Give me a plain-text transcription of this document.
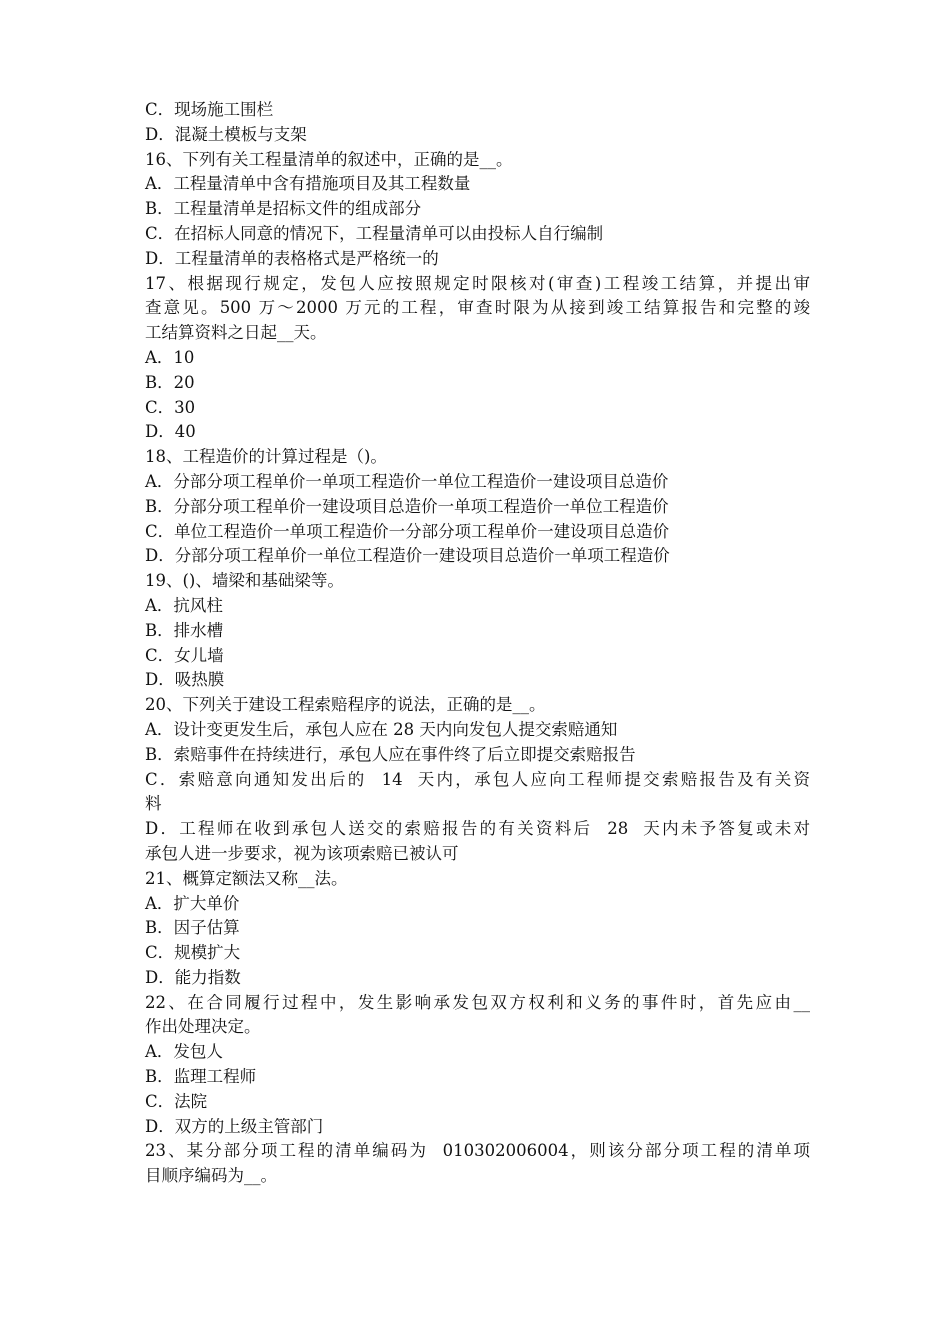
C．现场施工围栏
D．混凝土模板与支架
16、下列有关工程量清单的叙述中，正确的是__。
A．工程量清单中含有措施项目及其工程数量
B．工程量清单是招标文件的组成部分
C．在招标人同意的情况下，工程量清单可以由投标人自行编制
D．工程量清单的表格格式是严格统一的
17、根据现行规定，发包人应按照规定时限核对(审查)工程竣工结算，并提出审
查意见。500 万～2000 万元的工程，审查时限为从接到竣工结算报告和完整的竣
工结算资料之日起__天。
A．10
B．20
C．30
D．40
18、工程造价的计算过程是（)。
A．分部分项工程单价一单项工程造价一单位工程造价一建设项目总造价
B．分部分项工程单价一建设项目总造价一单项工程造价一单位工程造价
C．单位工程造价一单项工程造价一分部分项工程单价一建设项目总造价
D．分部分项工程单价一单位工程造价一建设项目总造价一单项工程造价
19、()、墙梁和基础梁等。
A．抗风柱
B．排水槽
C．女儿墙
D．吸热膜
20、下列关于建设工程索赔程序的说法，正确的是__。
A．设计变更发生后，承包人应在 28 天内向发包人提交索赔通知
B．索赔事件在持续进行，承包人应在事件终了后立即提交索赔报告
C．索赔意向通知发出后的  14  天内，承包人应向工程师提交索赔报告及有关资
料
D．工程师在收到承包人送交的索赔报告的有关资料后  28  天内未予答复或未对
承包人进一步要求，视为该项索赔已被认可
21、概算定额法又称__法。
A．扩大单价
B．因子估算
C．规模扩大
D．能力指数
22、在合同履行过程中，发生影响承发包双方权利和义务的事件时，首先应由__
作出处理决定。
A．发包人
B．监理工程师
C．法院
D．双方的上级主管部门
23、某分部分项工程的清单编码为  010302006004，则该分部分项工程的清单项
目顺序编码为__。
